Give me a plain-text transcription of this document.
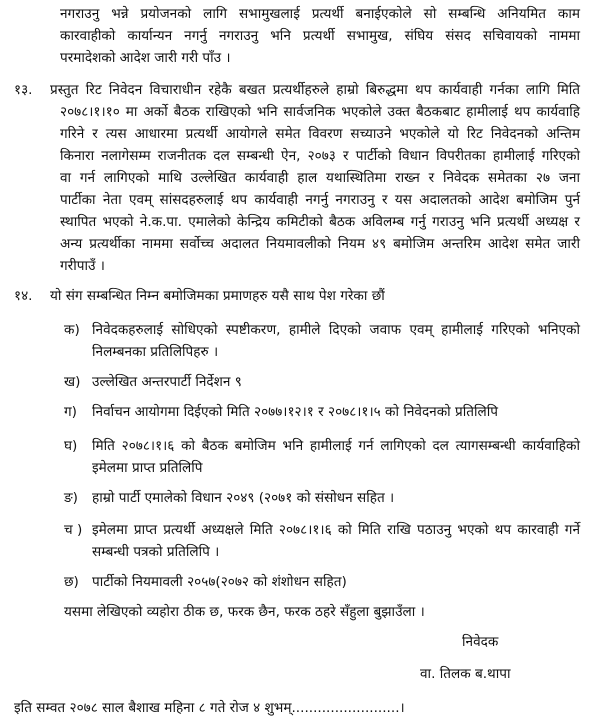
नगराउनु भन्ने प्रयोजनको लागि सभामुखलाई प्रत्यर्थी बनाईएकोले सो सम्बन्धि अनियमित काम
कारवाहीको कार्यान्यन नगर्नु नगराउनु भनि प्रत्यर्थी सभामुख, संघिय संसद सचिवायको नाममा
परमादेशको आदेश जारी गरी पाँउ ।
१३. प्रस्तुत रिट निवेदन विचाराधीन रहेकै बखत प्रत्यर्थीहरुले हाम्रो बिरुद्धमा थप कार्यवाही गर्नका लागि मिति
२०७८।१।१० मा अर्को बैठक राखिएको भनि सार्वजनिक भएकोले उक्त बैठकबाट हामीलाई थप कार्यवाहि
गरिने र त्यस आधारमा प्रत्यर्थी आयोगले समेत विवरण सच्याउने भएकोले यो रिट निवेदनको अन्तिम
किनारा नलागेसम्म राजनीतक दल सम्बन्धी ऐन, २०७३ र पार्टीको विधान विपरीतका हामीलाई गरिएको
वा गर्न लागिएको माथि उल्लेखित कार्यवाही हाल यथास्थितिमा राख्न र निवेदक समेतका २७ जना
पार्टीका नेता एवम् सांसदहरुलाई थप कार्यवाही नगर्नु नगराउनु र यस अदालतको आदेश बमोजिम पुर्न
स्थापित भएको ने.क.पा. एमालेको केन्द्रिय कमिटीको बैठक अविलम्ब गर्नु गराउनु भनि प्रत्यर्थी अध्यक्ष र
अन्य प्रत्यर्थीका नाममा सर्वोच्च अदालत नियमावलीको नियम ४९ बमोजिम अन्तरिम आदेश समेत जारी
गरीपाउँ ।
१४. यो संग सम्बन्धित निम्न बमोजिमका प्रमाणहरु यसै साथ पेश गरेका छौं
क) निवेदकहरुलाई सोधिएको स्पष्टीकरण, हामीले दिएको जवाफ एवम् हामीलाई गरिएको भनिएको
निलम्बनका प्रतिलिपिहरु ।
ख) उल्लेखित अन्तरपार्टी निर्देशन ९
ग) निर्वाचन आयोगमा दिईएको मिति २०७७।१२।१ र २०७८।१।५ को निवेदनको प्रतिलिपि
घ) मिति २०७८।१।६ को बैठक बमोजिम भनि हामीलाई गर्न लागिएको दल त्यागसम्बन्धी कार्यवाहिको
इमेलमा प्राप्त प्रतिलिपि
ङ) हाम्रो पार्टी एमालेको विधान २०४९ (२०७१ को संसोधन सहित ।
च ) इमेलमा प्राप्त प्रत्यर्थी अध्यक्षले मिति २०७८।१।६ को मिति राखि पठाउनु भएको थप कारवाही गर्ने
सम्बन्धी पत्रको प्रतिलिपि ।
छ) पार्टीको नियमावली २०५७(२०७२ को शंशोधन सहित)
यसमा लेखिएको व्यहोरा ठीक छ, फरक छैन, फरक ठहरे सँहुला बुझाउँला ।
निवेदक
वा. तिलक ब.थापा
इति सम्वत २०७८ साल बैशाख महिना ८ गते रोज ४ शुभम्.........................।
